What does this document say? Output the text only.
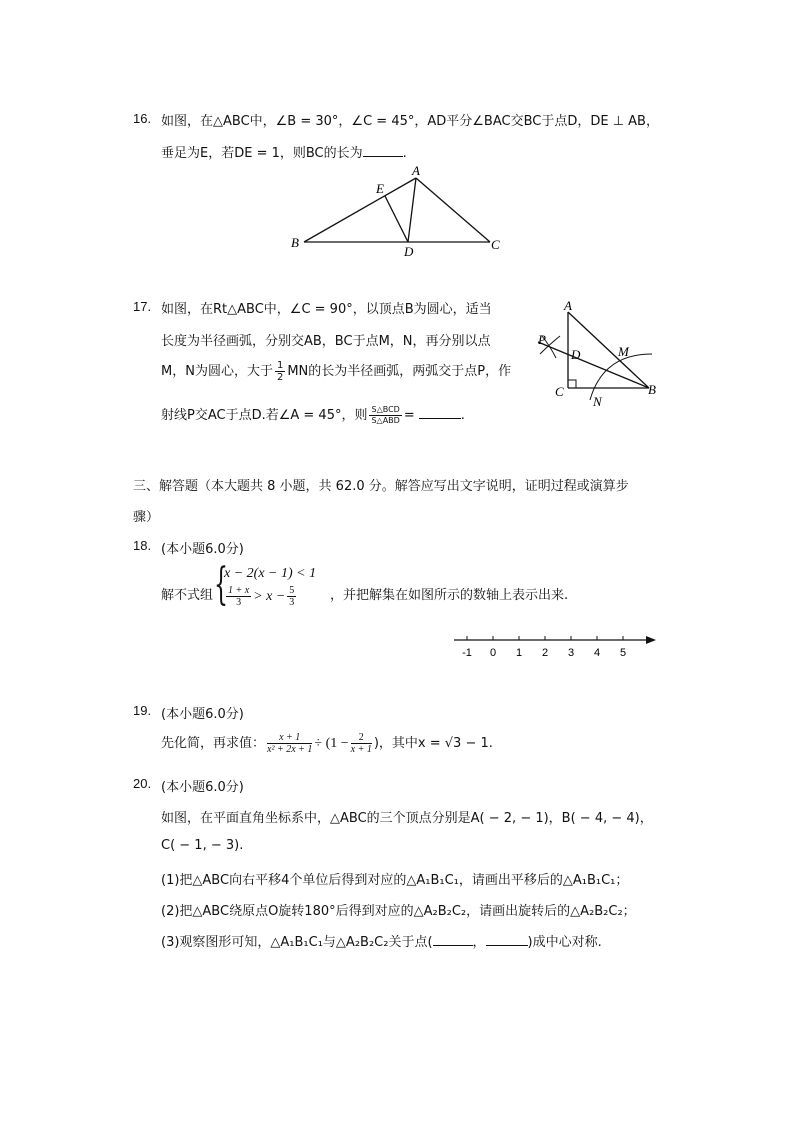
16. 如图，在△ABC中，∠B = 30°，∠C = 45°，AD平分∠BAC交BC于点D，DE ⊥ AB，
垂足为E，若DE = 1，则BC的长为	.
A
B	C
D
E
17. 如图，在Rt△ABC中，∠C = 90°，以顶点B为圆心，适当
长度为半径画弧，分别交AB，BC于点M，N，再分别以点
M，N为圆心，大于 $\frac{1}{2}$ MN的长为半径画弧，两弧交于点P，作
射线P交AC于点D.若∠A = 45°，则 $\frac{\text{S△BCD}}{\text{S△ABD}}$ =	.
A
P
D	M
C
N
B
三、解答题（本大题共 8 小题，共 62.0 分。解答应写出文字说明，证明过程或演算步
骤）
18. (本小题6.0分)
解不式组 {
x − 2(x − 1) < 1
$\frac{1 + x}{3} > x - \frac{5}{3}$	，并把解集在如图所示的数轴上表示出来.
-1 0 1 2 3 4 5
19. (本小题6.0分)
先化简，再求值： $\frac{x + 1}{\text{x² + 2x + 1}} \div (1 - \frac{2}{x + 1}$ )，其中x = √3 − 1.
20. (本小题6.0分)
如图，在平面直角坐标系中，△ABC的三个顶点分别是A( − 2, − 1)，B( − 4, − 4)，
C( − 1, − 3).
(1)把△ABC向右平移4个单位后得到对应的△A₁B₁C₁，请画出平移后的△A₁B₁C₁；
(2)把△ABC绕原点O旋转180°后得到对应的△A₂B₂C₂，请画出旋转后的△A₂B₂C₂；
(3)观察图形可知，△A₁B₁C₁与△A₂B₂C₂关于点(	，	)成中心对称.
